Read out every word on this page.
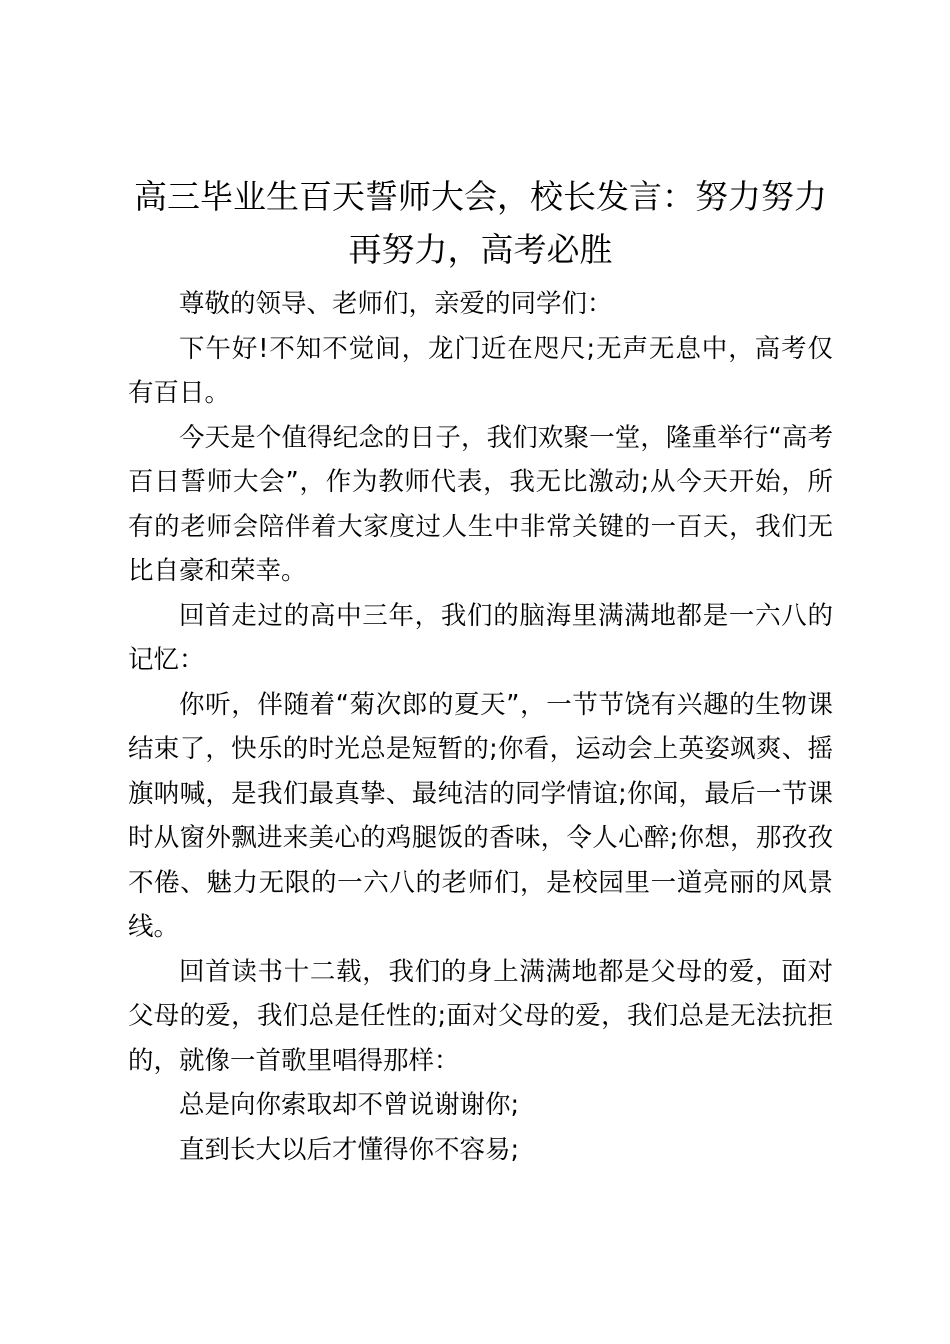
高三毕业生百天誓师大会，校长发言：努力努力再努力，高考必胜

尊敬的领导、老师们，亲爱的同学们：

下午好!不知不觉间，龙门近在咫尺;无声无息中，高考仅有百日。

今天是个值得纪念的日子，我们欢聚一堂，隆重举行“高考百日誓师大会”，作为教师代表，我无比激动;从今天开始，所有的老师会陪伴着大家度过人生中非常关键的一百天，我们无比自豪和荣幸。

回首走过的高中三年，我们的脑海里满满地都是一六八的记忆：

你听，伴随着“菊次郎的夏天”，一节节饶有兴趣的生物课结束了，快乐的时光总是短暂的;你看，运动会上英姿飒爽、摇旗呐喊，是我们最真挚、最纯洁的同学情谊;你闻，最后一节课时从窗外飘进来美心的鸡腿饭的香味，令人心醉;你想，那孜孜不倦、魅力无限的一六八的老师们，是校园里一道亮丽的风景线。

回首读书十二载，我们的身上满满地都是父母的爱，面对父母的爱，我们总是任性的;面对父母的爱，我们总是无法抗拒的，就像一首歌里唱得那样：

总是向你索取却不曾说谢谢你;

直到长大以后才懂得你不容易;
